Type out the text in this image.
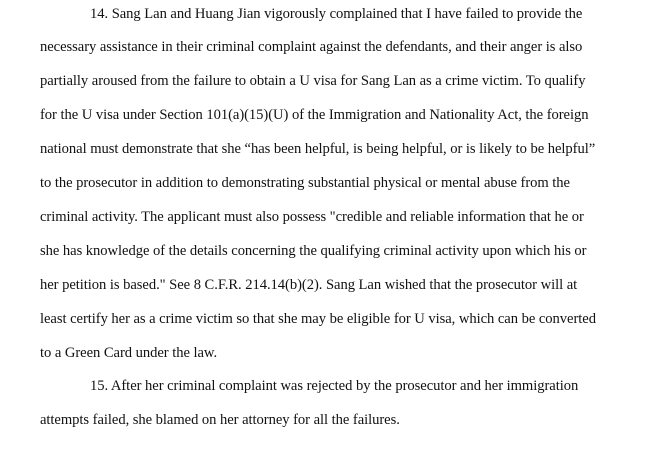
14. Sang Lan and Huang Jian vigorously complained that I have failed to provide the
necessary assistance in their criminal complaint against the defendants, and their anger is also
partially aroused from the failure to obtain a U visa for Sang Lan as a crime victim. To qualify
for the U visa under Section 101(a)(15)(U) of the Immigration and Nationality Act, the foreign
national must demonstrate that she “has been helpful, is being helpful, or is likely to be helpful”
to the prosecutor in addition to demonstrating substantial physical or mental abuse from the
criminal activity. The applicant must also possess "credible and reliable information that he or
she has knowledge of the details concerning the qualifying criminal activity upon which his or
her petition is based." See 8 C.F.R. 214.14(b)(2). Sang Lan wished that the prosecutor will at
least certify her as a crime victim so that she may be eligible for U visa, which can be converted
to a Green Card under the law.
15. After her criminal complaint was rejected by the prosecutor and her immigration
attempts failed, she blamed on her attorney for all the failures.
